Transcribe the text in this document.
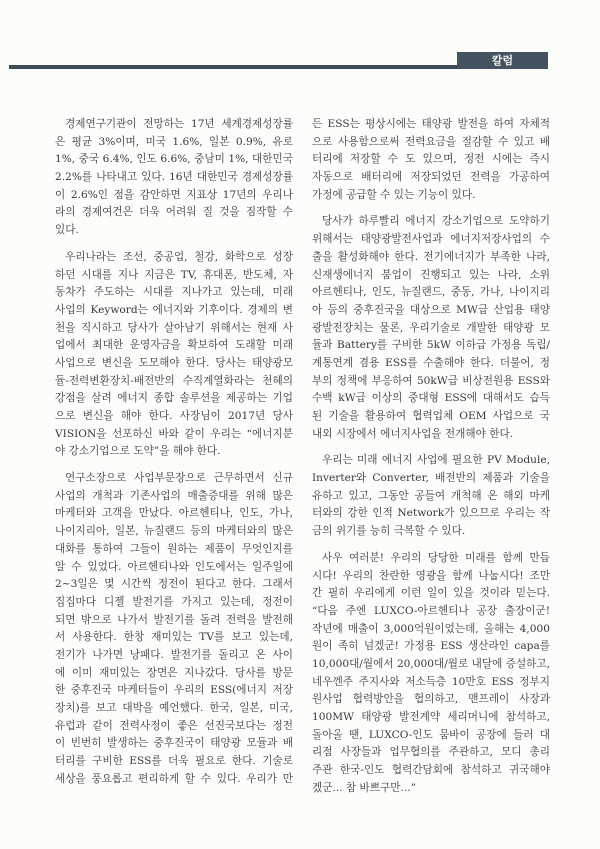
칼럼
경제연구기관이 전망하는 17년 세계경제성장률
은 평균 3%이며, 미국 1.6%, 일본 0.9%, 유로
1%, 중국 6.4%, 인도 6.6%, 중남미 1%, 대한민국
2.2%를 나타내고 있다. 16년 대한민국 경제성장률
이 2.6%인 점을 감안하면 지표상 17년의 우리나
라의 경제여건은 더욱 어려워 질 것을 짐작할 수
있다.
우리나라는 조선, 중공업, 철강, 화학으로 성장
하던 시대를 지나 지금은 TV, 휴대폰, 반도체, 자
동차가 주도하는 시대를 지나가고 있는데, 미래
사업의 Keyword는 에너지와 기후이다. 경제의 변
천을 직시하고 당사가 살아남기 위해서는 현재 사
업에서 최대한 운영자금을 확보하여 도래할 미래
사업으로 변신을 도모해야 한다. 당사는 태양광모
듈-전력변환장치-배전반의 수직계열화라는 천혜의
강점을 살려 에너지 종합 솔루션을 제공하는 기업
으로 변신을 해야 한다. 사장님이 2017년 당사
VISION을 선포하신 바와 같이 우리는 “에너지분
야 강소기업으로 도약”을 해야 한다.
연구소장으로 사업부문장으로 근무하면서 신규
사업의 개척과 기존사업의 매출증대를 위해 많은
마케터와 고객을 만났다. 아르헨티나, 인도, 가나,
나이지리아, 일본, 뉴질랜드 등의 마케터와의 많은
대화를 통하여 그들이 원하는 제품이 무엇인지를
알 수 있었다. 아르헨티나와 인도에서는 일주일에
2~3일은 몇 시간씩 정전이 된다고 한다. 그래서
집집마다 디젤 발전기를 가지고 있는데, 정전이
되면 밖으로 나가서 발전기를 돌려 전력을 발전해
서 사용한다. 한창 재미있는 TV를 보고 있는데,
전기가 나가면 낭패다. 발전기를 돌리고 온 사이
에 이미 재미있는 장면은 지나갔다. 당사를 방문
한 중후진국 마케터들이 우리의 ESS(에너지 저장
장치)를 보고 대박을 예언했다. 한국, 일본, 미국,
유럽과 같이 전력사정이 좋은 선진국보다는 정전
이 빈번히 발생하는 중후진국이 태양광 모듈과 배
터리를 구비한 ESS를 더욱 필요로 한다. 기술로
세상을 풍요롭고 편리하게 할 수 있다. 우리가 만
든 ESS는 평상시에는 태양광 발전을 하여 자체적
으로 사용함으로써 전력요금을 절감할 수 있고 배
터리에 저장할 수 도 있으며, 정전 시에는 즉시
자동으로 배터리에 저장되었던 전력을 가공하여
가정에 공급할 수 있는 기능이 있다.
당사가 하루빨리 에너지 강소기업으로 도약하기
위해서는 태양광발전사업과 에너지저장사업의 수
출을 활성화해야 한다. 전기에너지가 부족한 나라,
신재생에너지 붐업이 진행되고 있는 나라, 소위
아르헨티나, 인도, 뉴질랜드, 중동, 가나, 나이지리
아 등의 중후진국을 대상으로 MW급 산업용 태양
광발전장치는 물론, 우리기술로 개발한 태양광 모
듈과 Battery를 구비한 5kW 이하급 가정용 독립/
계통연계 겸용 ESS를 수출해야 한다. 더불어, 정
부의 정책에 부응하여 50kW급 비상전원용 ESS와
수백 kW급 이상의 중대형 ESS에 대해서도 습득
된 기술을 활용하여 협력업체 OEM 사업으로 국
내외 시장에서 에너지사업을 전개해야 한다.
우리는 미래 에너지 사업에 필요한 PV Module,
Inverter와 Converter, 배전반의 제품과 기술을
유하고 있고, 그동안 공들여 개척해 온 해외 마케
터와의 강한 인적 Network가 있으므로 우리는 작
금의 위기를 능히 극복할 수 있다.
사우 여러분! 우리의 당당한 미래를 함께 만듭
시다! 우리의 찬란한 영광을 함께 나눕시다! 조만
간 필히 우리에게 이런 일이 있을 것이라 믿는다.
“다음 주엔 LUXCO-아르헨티나 공장 출장이군!
작년에 매출이 3,000억원이었는데, 올해는 4,000
원이 족히 넘겠군! 가정용 ESS 생산라인 capa를
10,000대/월에서 20,000대/월로 내달에 증설하고,
네우껜주 주지사와 저소득층 10만호 ESS 정부지
원사업 협력방안을 협의하고, 맨프레이 사장과
100MW 태양광 발전계약 세리머니에 참석하고,
돌아올 땐, LUXCO-인도 뭄바이 공장에 들러 대
리점 사장들과 업무협의를 주관하고, 모디 총리
주관 한국-인도 협력간담회에 참석하고 귀국해야
겠군... 참 바쁘구만...”
